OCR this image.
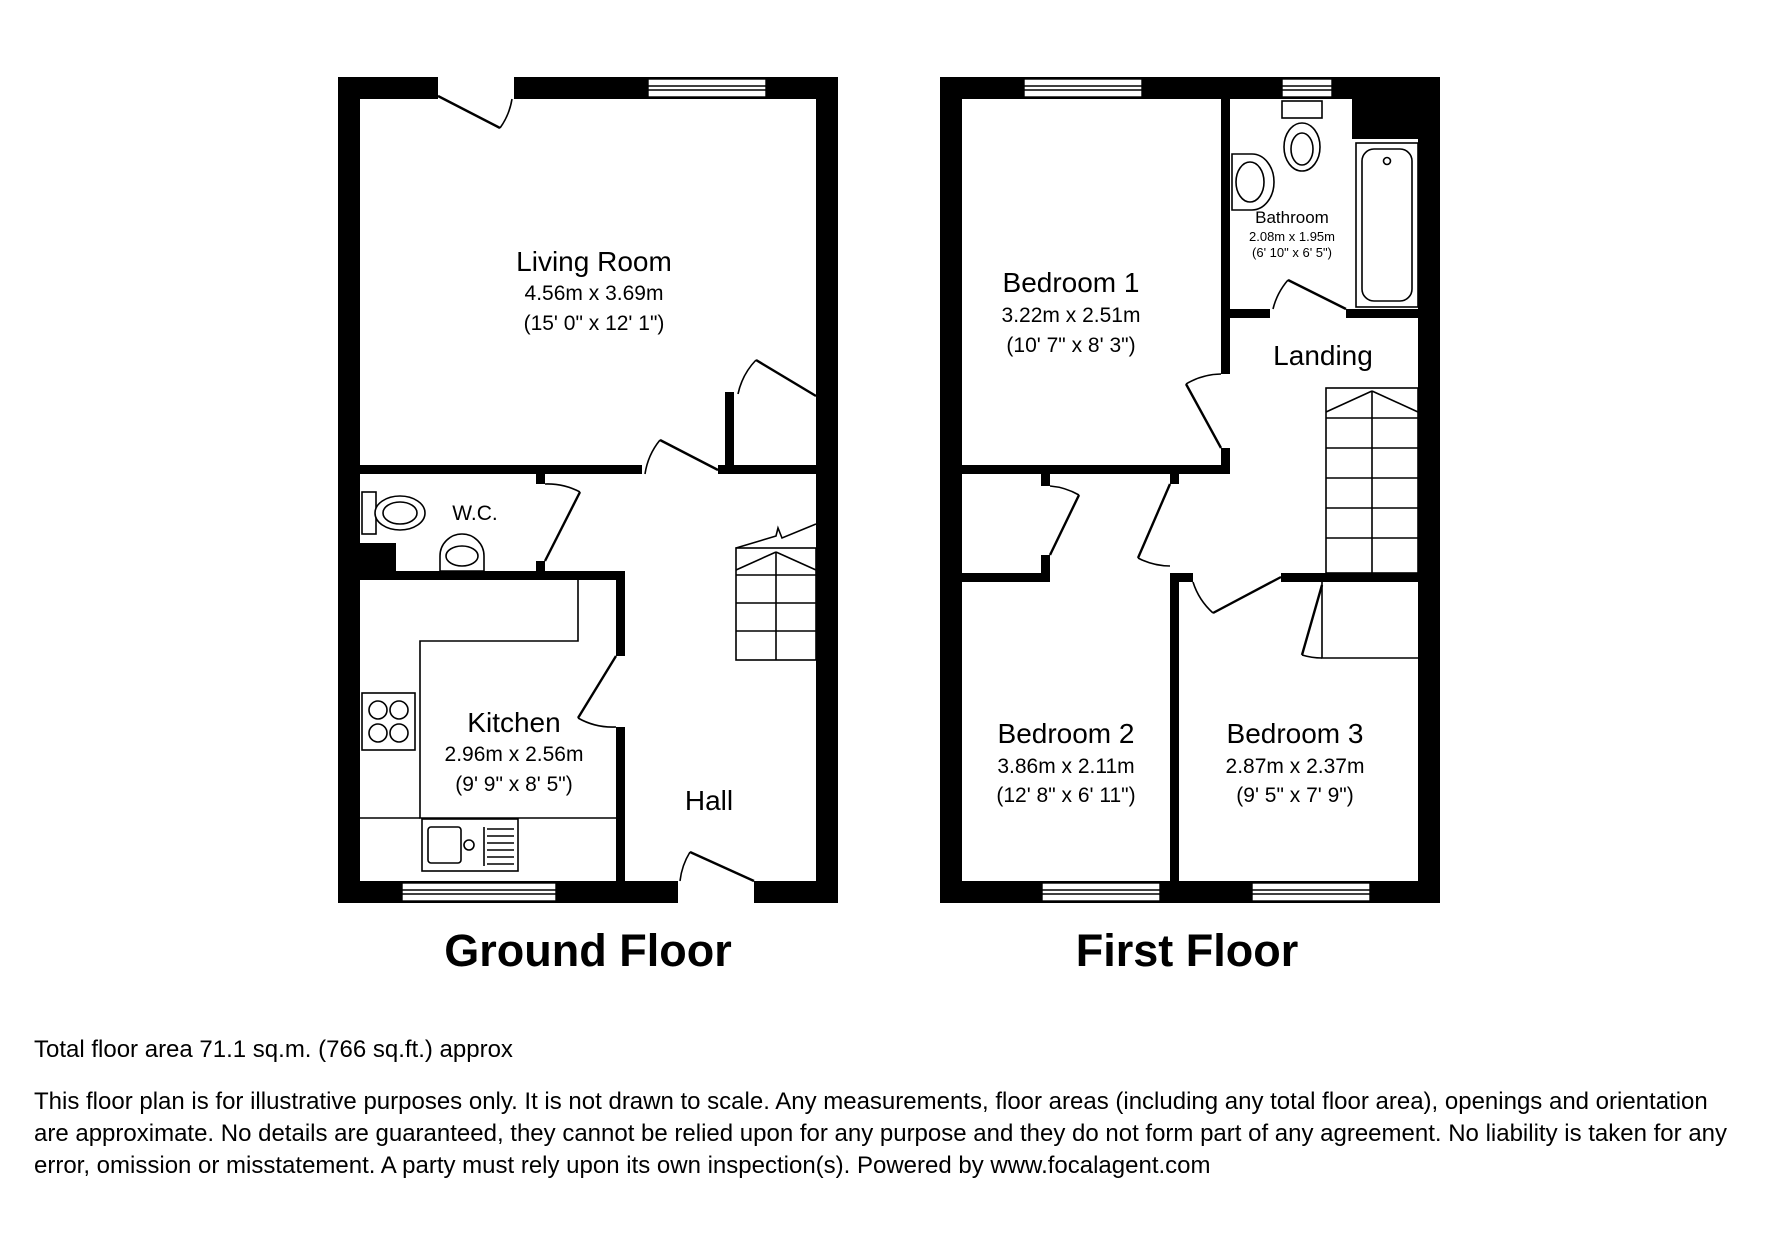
Living Room
4.56m x 3.69m
(15' 0" x 12' 1")
W.C.
Kitchen
2.96m x 2.56m
(9' 9" x 8' 5")
Hall
Ground Floor
Bedroom 1
3.22m x 2.51m
(10' 7" x 8' 3")
Bathroom
2.08m x 1.95m
(6' 10" x 6' 5")
Landing
Bedroom 2
3.86m x 2.11m
(12' 8" x 6' 11")
Bedroom 3
2.87m x 2.37m
(9' 5" x 7' 9")
First Floor
Total floor area 71.1 sq.m. (766 sq.ft.) approx
This floor plan is for illustrative purposes only. It is not drawn to scale. Any measurements, floor areas (including any total floor area), openings and orientation are approximate. No details are guaranteed, they cannot be relied upon for any purpose and they do not form part of any agreement. No liability is taken for any error, omission or misstatement. A party must rely upon its own inspection(s). Powered by www.focalagent.com
